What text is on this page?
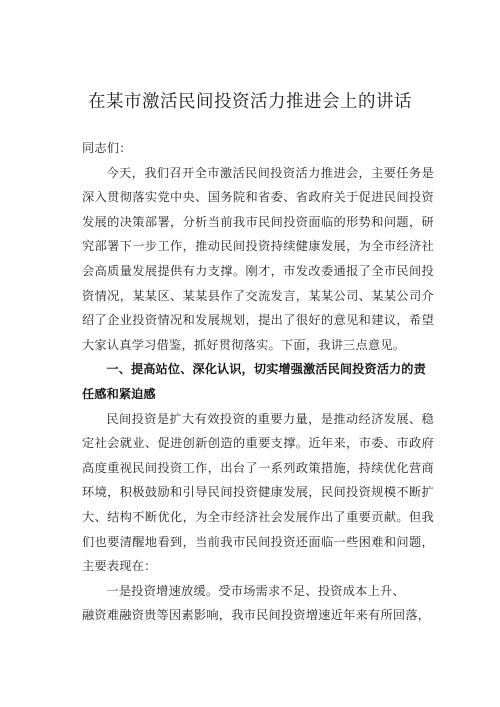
在某市激活民间投资活力推进会上的讲话

同志们：

今天，我们召开全市激活民间投资活力推进会，主要任务是深入贯彻落实党中央、国务院和省委、省政府关于促进民间投资发展的决策部署，分析当前我市民间投资面临的形势和问题，研究部署下一步工作，推动民间投资持续健康发展，为全市经济社会高质量发展提供有力支撑。刚才，市发改委通报了全市民间投资情况，某某区、某某县作了交流发言，某某公司、某某公司介绍了企业投资情况和发展规划，提出了很好的意见和建议，希望大家认真学习借鉴，抓好贯彻落实。下面，我讲三点意见。

一、提高站位、深化认识，切实增强激活民间投资活力的责任感和紧迫感

民间投资是扩大有效投资的重要力量，是推动经济发展、稳定社会就业、促进创新创造的重要支撑。近年来，市委、市政府高度重视民间投资工作，出台了一系列政策措施，持续优化营商环境，积极鼓励和引导民间投资健康发展，民间投资规模不断扩大、结构不断优化，为全市经济社会发展作出了重要贡献。但我们也要清醒地看到，当前我市民间投资还面临一些困难和问题，主要表现在：

一是投资增速放缓。受市场需求不足、投资成本上升、

融资难融资贵等因素影响，我市民间投资增速近年来有所回落，
